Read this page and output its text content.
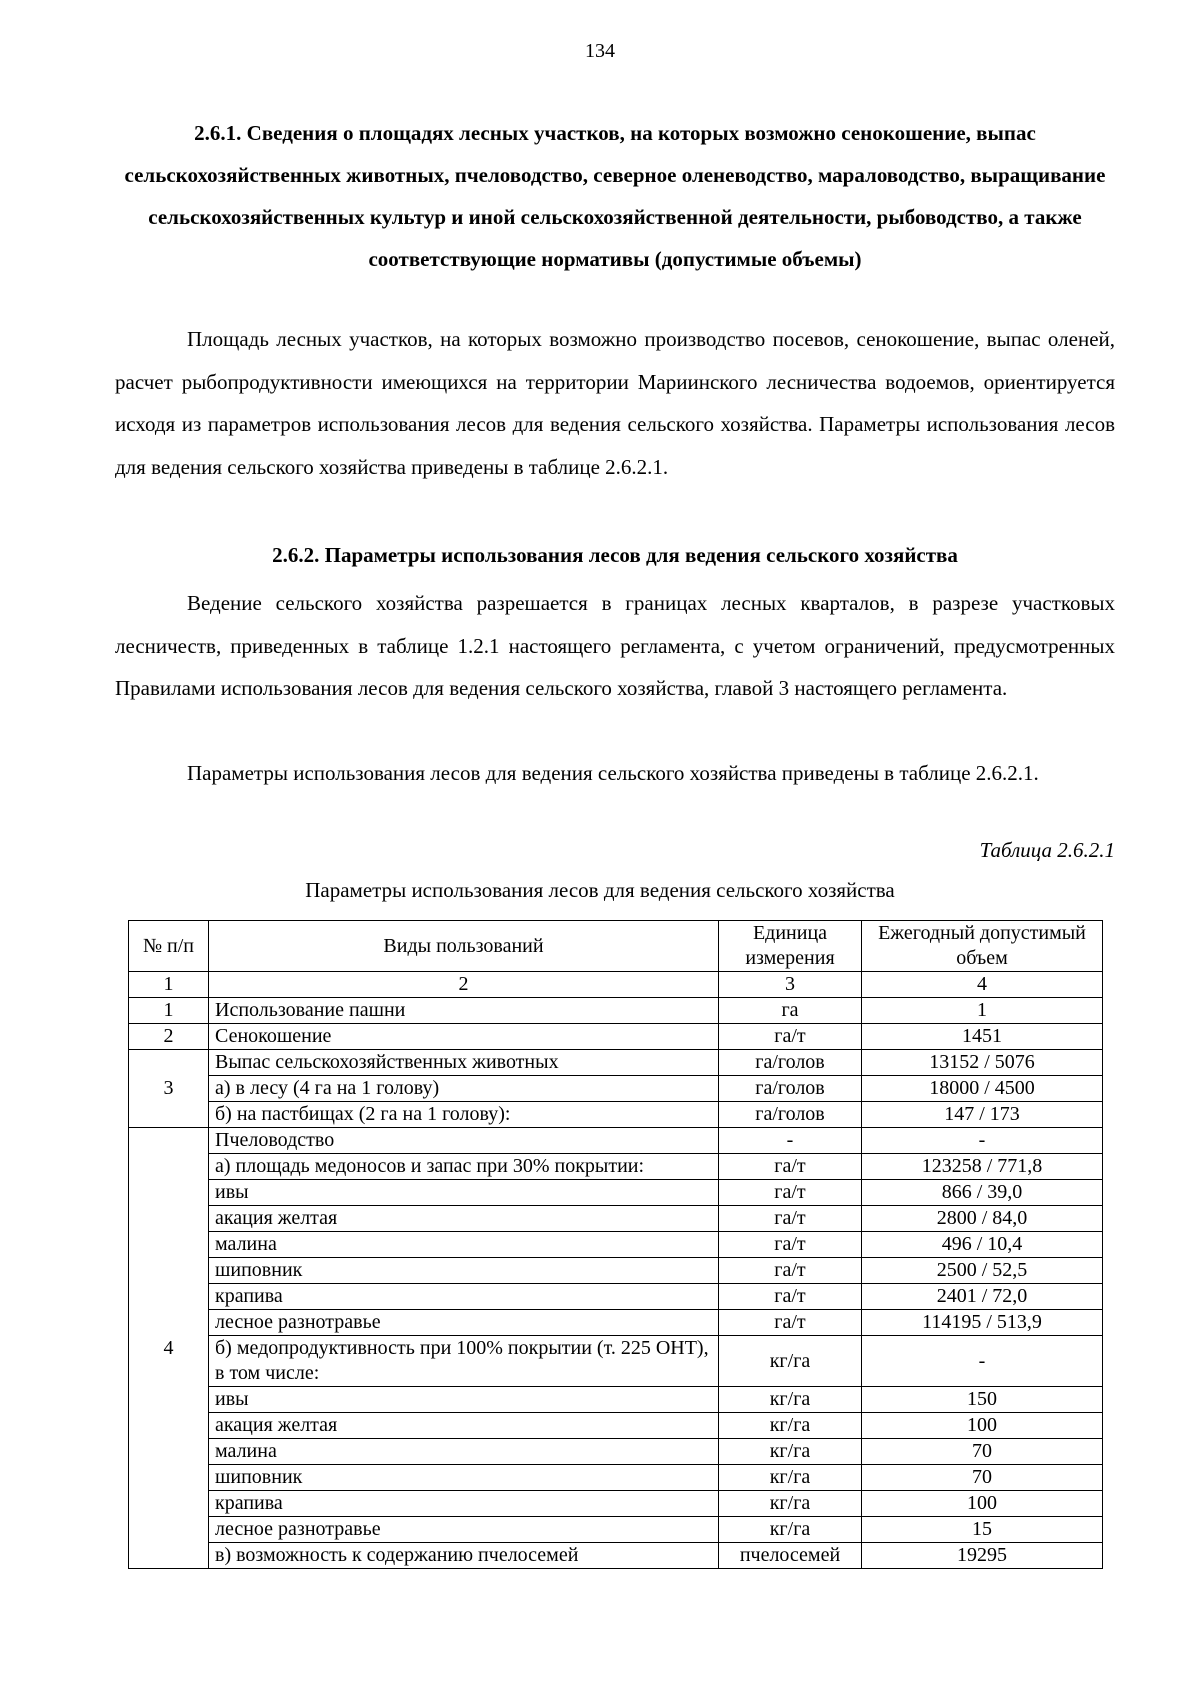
134
2.6.1. Сведения о площадях лесных участков, на которых возможно сенокошение, выпас сельскохозяйственных животных, пчеловодство, северное оленеводство, мараловодство, выращивание сельскохозяйственных культур и иной сельскохозяйственной деятельности, рыбоводство, а также соответствующие нормативы (допустимые объемы)
Площадь лесных участков, на которых возможно производство посевов, сенокошение, выпас оленей, расчет рыбопродуктивности имеющихся на территории Мариинского лесничества водоемов, ориентируется исходя из параметров использования лесов для ведения сельского хозяйства. Параметры использования лесов для ведения сельского хозяйства приведены в таблице 2.6.2.1.
2.6.2. Параметры использования лесов для ведения сельского хозяйства
Ведение сельского хозяйства разрешается в границах лесных кварталов, в разрезе участковых лесничеств, приведенных в таблице 1.2.1 настоящего регламента, с учетом ограничений, предусмотренных Правилами использования лесов для ведения сельского хозяйства, главой 3 настоящего регламента.
Параметры использования лесов для ведения сельского хозяйства приведены в таблице 2.6.2.1.
Таблица 2.6.2.1
Параметры использования лесов для ведения сельского хозяйства
№ п/п	Виды пользований	Единица измерения	Ежегодный допустимый объем
1	2	3	4
1	Использование пашни	га	1
2	Сенокошение	га/т	1451
3	Выпас сельскохозяйственных животных	га/голов	13152 / 5076
	а) в лесу (4 га на 1 голову)	га/голов	18000 / 4500
	б) на пастбищах (2 га на 1 голову):	га/голов	147 / 173
4	Пчеловодство	-	-
	а) площадь медоносов и запас при 30% покрытии:	га/т	123258 / 771,8
	ивы	га/т	866 / 39,0
	акация желтая	га/т	2800 / 84,0
	малина	га/т	496 / 10,4
	шиповник	га/т	2500 / 52,5
	крапива	га/т	2401 / 72,0
	лесное разнотравье	га/т	114195 / 513,9
	б) медопродуктивность при 100% покрытии (т. 225 ОНТ), в том числе:	кг/га	-
	ивы	кг/га	150
	акация желтая	кг/га	100
	малина	кг/га	70
	шиповник	кг/га	70
	крапива	кг/га	100
	лесное разнотравье	кг/га	15
	в) возможность к содержанию пчелосемей	пчелосемей	19295
